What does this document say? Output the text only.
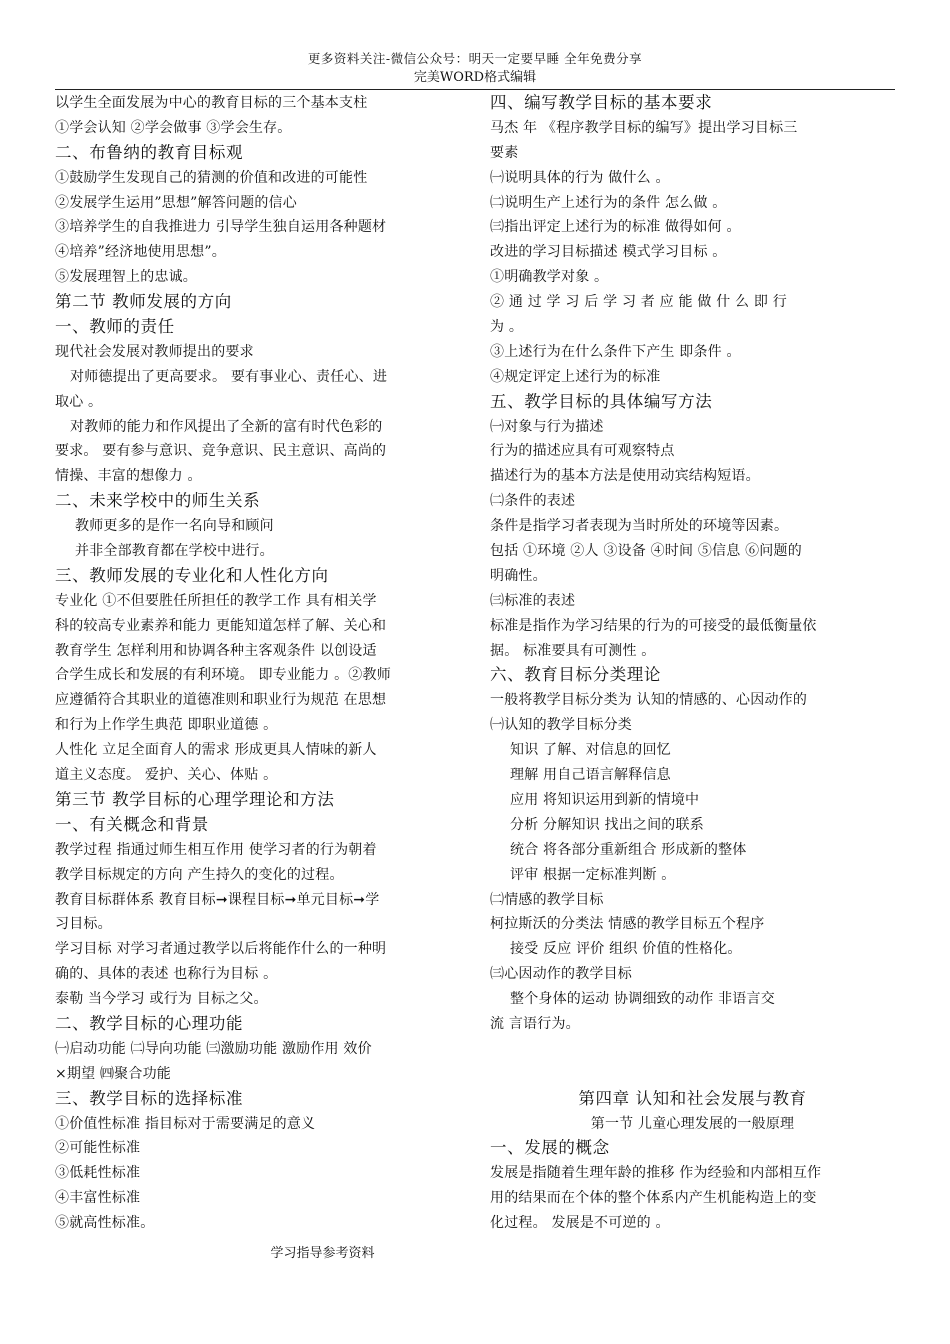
更多资料关注-微信公众号：明天一定要早睡 全年免费分享
完美WORD格式编辑
以学生全面发展为中心的教育目标的三个基本支柱
①学会认知 ②学会做事 ③学会生存。
二、布鲁纳的教育目标观
①鼓励学生发现自己的猜测的价值和改进的可能性
②发展学生运用”思想”解答问题的信心
③培养学生的自我推进力 引导学生独自运用各种题材
④培养”经济地使用思想”。
⑤发展理智上的忠诚。
第二节 教师发展的方向
一、教师的责任
现代社会发展对教师提出的要求
对师德提出了更高要求。 要有事业心、责任心、进
取心 。
对教师的能力和作风提出了全新的富有时代色彩的
要求。 要有参与意识、竞争意识、民主意识、高尚的
情操、丰富的想像力 。
二、未来学校中的师生关系
教师更多的是作一名向导和顾问
并非全部教育都在学校中进行。
三、教师发展的专业化和人性化方向
专业化 ①不但要胜任所担任的教学工作 具有相关学
科的较高专业素养和能力 更能知道怎样了解、关心和
教育学生 怎样利用和协调各种主客观条件 以创设适
合学生成长和发展的有利环境。 即专业能力 。②教师
应遵循符合其职业的道德准则和职业行为规范 在思想
和行为上作学生典范 即职业道德 。
人性化 立足全面育人的需求 形成更具人情味的新人
道主义态度。 爱护、关心、体贴 。
第三节 教学目标的心理学理论和方法
一、有关概念和背景
教学过程 指通过师生相互作用 使学习者的行为朝着
教学目标规定的方向 产生持久的变化的过程。
教育目标群体系 教育目标➞课程目标➞单元目标➞学
习目标。
学习目标 对学习者通过教学以后将能作什么的一种明
确的、具体的表述 也称行为目标 。
泰勒 当今学习 或行为 目标之父。
二、教学目标的心理功能
㈠启动功能 ㈡导向功能 ㈢激励功能 激励作用 效价
×期望 ㈣聚合功能
三、教学目标的选择标准
①价值性标准 指目标对于需要满足的意义
②可能性标准
③低耗性标准
④丰富性标准
⑤就高性标准。
四、编写教学目标的基本要求
马杰 年 《程序教学目标的编写》提出学习目标三
要素
㈠说明具体的行为 做什么 。
㈡说明生产上述行为的条件 怎么做 。
㈢指出评定上述行为的标准 做得如何 。
改进的学习目标描述 模式学习目标 。
①明确教学对象 。
② 通 过 学 习 后 学 习 者 应 能 做 什 么 即 行
为 。
③上述行为在什么条件下产生 即条件 。
④规定评定上述行为的标准
五、教学目标的具体编写方法
㈠对象与行为描述
行为的描述应具有可观察特点
描述行为的基本方法是使用动宾结构短语。
㈡条件的表述
条件是指学习者表现为当时所处的环境等因素。
包括 ①环境 ②人 ③设备 ④时间 ⑤信息 ⑥问题的
明确性。
㈢标准的表述
标准是指作为学习结果的行为的可接受的最低衡量依
据。 标准要具有可测性 。
六、教育目标分类理论
一般将教学目标分类为 认知的情感的、心因动作的
㈠认知的教学目标分类
知识 了解、对信息的回忆
理解 用自己语言解释信息
应用 将知识运用到新的情境中
分析 分解知识 找出之间的联系
统合 将各部分重新组合 形成新的整体
评审 根据一定标准判断 。
㈡情感的教学目标
柯拉斯沃的分类法 情感的教学目标五个程序
接受 反应 评价 组织 价值的性格化。
㈢心因动作的教学目标
整个身体的运动 协调细致的动作 非语言交
流 言语行为。
第四章 认知和社会发展与教育
第一节 儿童心理发展的一般原理
一、发展的概念
发展是指随着生理年龄的推移 作为经验和内部相互作
用的结果而在个体的整个体系内产生机能构造上的变
化过程。 发展是不可逆的 。
学习指导参考资料
